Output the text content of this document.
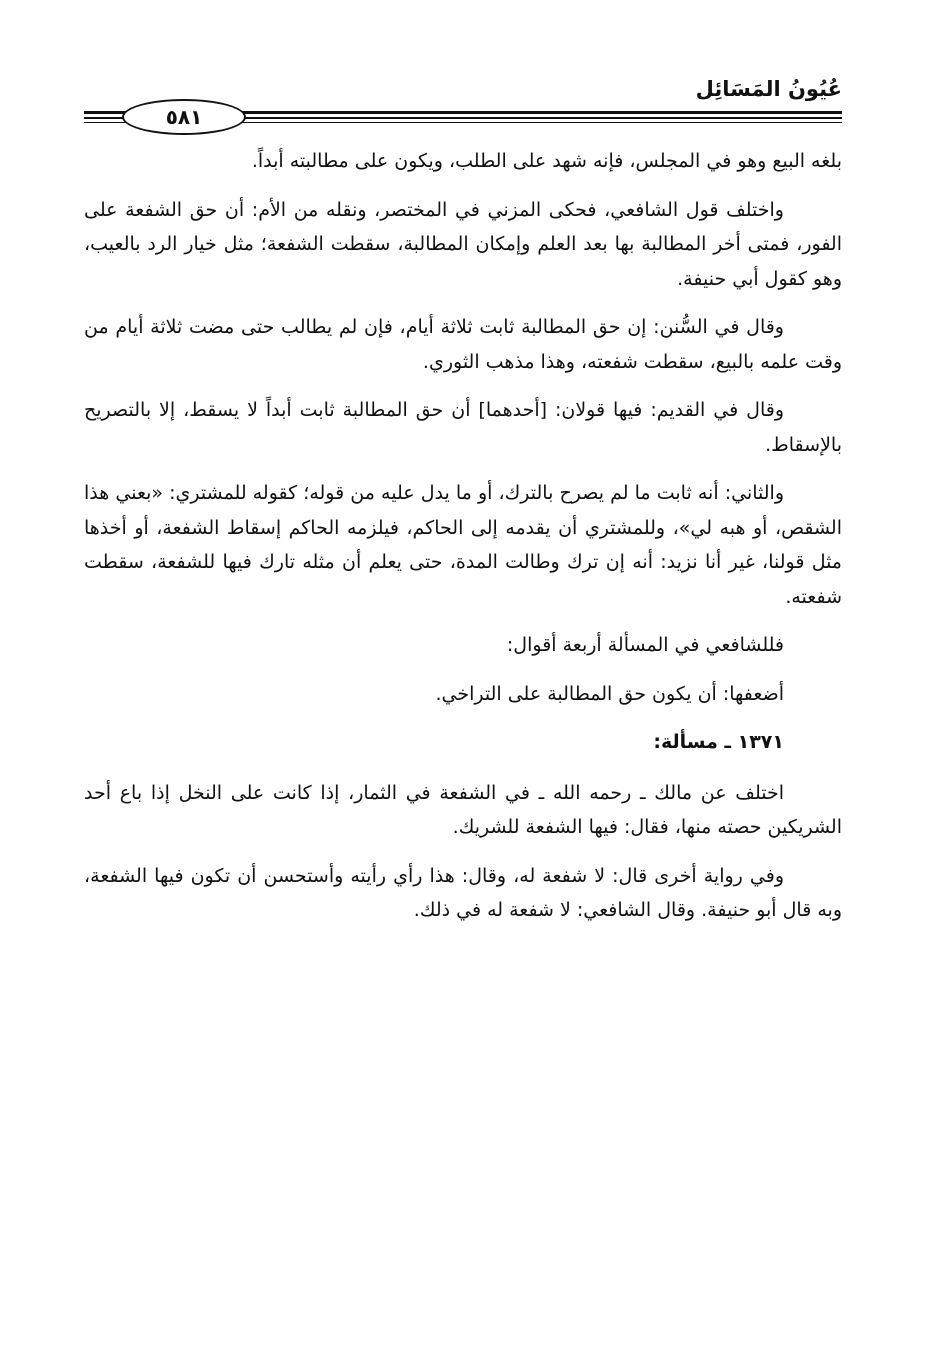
عُيُونُ المَسَائِل
٥٨١

بلغه البيع وهو في المجلس، فإنه شهد على الطلب، ويكون على مطالبته أبداً.

واختلف قول الشافعي، فحكى المزني في المختصر، ونقله من الأم: أن حق الشفعة على الفور، فمتى أخر المطالبة بها بعد العلم وإمكان المطالبة، سقطت الشفعة؛ مثل خيار الرد بالعيب، وهو كقول أبي حنيفة.

وقال في السُّنن: إن حق المطالبة ثابت ثلاثة أيام، فإن لم يطالب حتى مضت ثلاثة أيام من وقت علمه بالبيع، سقطت شفعته، وهذا مذهب الثوري.

وقال في القديم: فيها قولان: [أحدهما] أن حق المطالبة ثابت أبداً لا يسقط، إلا بالتصريح بالإسقاط.

والثاني: أنه ثابت ما لم يصرح بالترك، أو ما يدل عليه من قوله؛ كقوله للمشتري: «بعني هذا الشقص، أو هبه لي»، وللمشتري أن يقدمه إلى الحاكم، فيلزمه الحاكم إسقاط الشفعة، أو أخذها مثل قولنا، غير أنا نزيد: أنه إن ترك وطالت المدة، حتى يعلم أن مثله تارك فيها للشفعة، سقطت شفعته.

فللشافعي في المسألة أربعة أقوال:

أضعفها: أن يكون حق المطالبة على التراخي.

١٣٧١ ـ مسألة:

اختلف عن مالك ـ رحمه الله ـ في الشفعة في الثمار، إذا كانت على النخل إذا باع أحد الشريكين حصته منها، فقال: فيها الشفعة للشريك.

وفي رواية أخرى قال: لا شفعة له، وقال: هذا رأي رأيته وأستحسن أن تكون فيها الشفعة، وبه قال أبو حنيفة. وقال الشافعي: لا شفعة له في ذلك.
